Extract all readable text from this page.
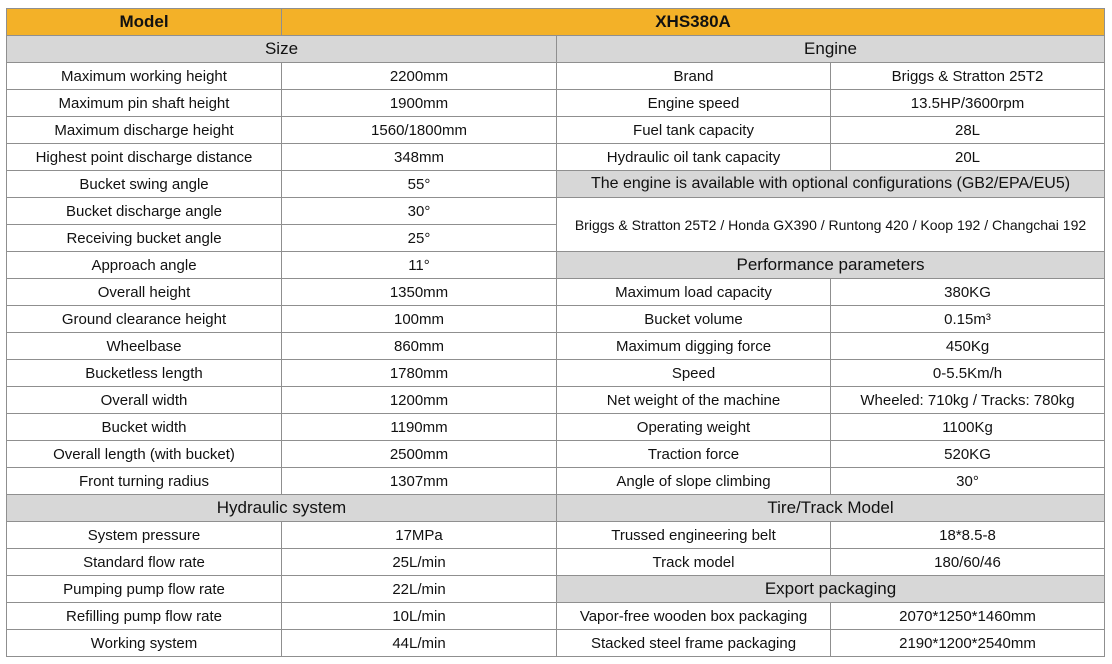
Model	XHS380A		
Size		Engine	
Maximum working height	2200mm	Brand	Briggs & Stratton 25T2
Maximum pin shaft height	1900mm	Engine speed	13.5HP/3600rpm
Maximum discharge height	1560/1800mm	Fuel tank capacity	28L
Highest point discharge distance	348mm	Hydraulic oil tank capacity	20L
Bucket swing angle	55°	The engine is available with optional configurations (GB2/EPA/EU5)	
Bucket discharge angle	30°	Briggs & Stratton 25T2 / Honda GX390 / Runtong 420 / Koop 192 / Changchai 192	
Receiving bucket angle	25°		
Approach angle	11°	Performance parameters	
Overall height	1350mm	Maximum load capacity	380KG
Ground clearance height	100mm	Bucket volume	0.15m³
Wheelbase	860mm	Maximum digging force	450Kg
Bucketless length	1780mm	Speed	0-5.5Km/h
Overall width	1200mm	Net weight of the machine	Wheeled: 710kg / Tracks: 780kg
Bucket width	1190mm	Operating weight	1100Kg
Overall length (with bucket)	2500mm	Traction force	520KG
Front turning radius	1307mm	Angle of slope climbing	30°
Hydraulic system		Tire/Track Model	
System pressure	17MPa	Trussed engineering belt	18*8.5-8
Standard flow rate	25L/min	Track model	180/60/46
Pumping pump flow rate	22L/min	Export packaging	
Refilling pump flow rate	10L/min	Vapor-free wooden box packaging	2070*1250*1460mm
Working system	44L/min	Stacked steel frame packaging	2190*1200*2540mm
